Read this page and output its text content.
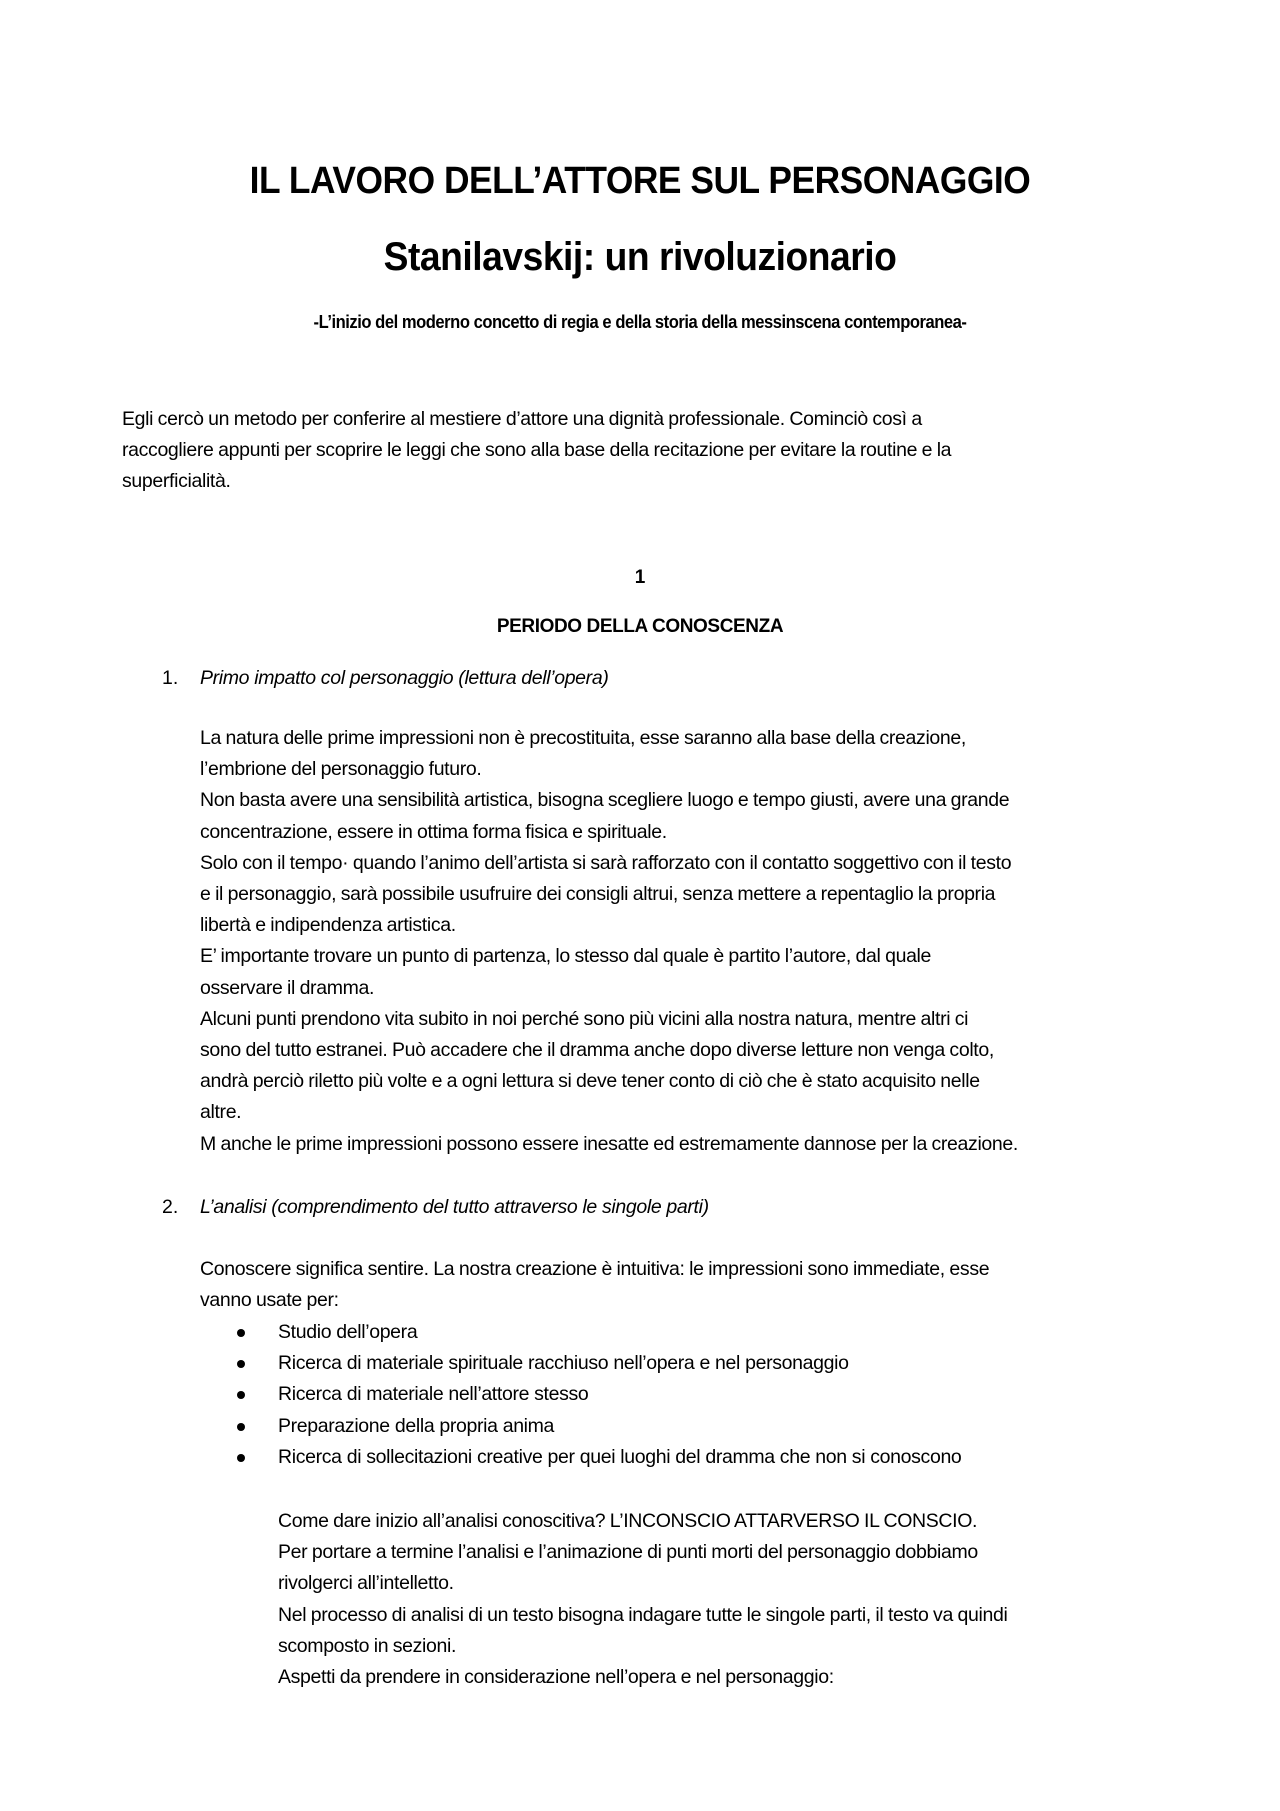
IL LAVORO DELL’ATTORE SUL PERSONAGGIO
Stanilavskij: un rivoluzionario
-L’inizio del moderno concetto di regia e della storia della messinscena contemporanea-
Egli cercò un metodo per conferire al mestiere d’attore una dignità professionale. Cominciò così a
raccogliere appunti per scoprire le leggi che sono alla base della recitazione per evitare la routine e la
superficialità.
1
PERIODO DELLA CONOSCENZA
1. Primo impatto col personaggio (lettura dell’opera)
La natura delle prime impressioni non è precostituita, esse saranno alla base della creazione,
l’embrione del personaggio futuro.
Non basta avere una sensibilità artistica, bisogna scegliere luogo e tempo giusti, avere una grande
concentrazione, essere in ottima forma fisica e spirituale.
Solo con il tempo· quando l’animo dell’artista si sarà rafforzato con il contatto soggettivo con il testo
e il personaggio, sarà possibile usufruire dei consigli altrui, senza mettere a repentaglio la propria
libertà e indipendenza artistica.
E’ importante trovare un punto di partenza, lo stesso dal quale è partito l’autore, dal quale
osservare il dramma.
Alcuni punti prendono vita subito in noi perché sono più vicini alla nostra natura, mentre altri ci
sono del tutto estranei. Può accadere che il dramma anche dopo diverse letture non venga colto,
andrà perciò riletto più volte e a ogni lettura si deve tener conto di ciò che è stato acquisito nelle
altre.
M anche le prime impressioni possono essere inesatte ed estremamente dannose per la creazione.
2. L’analisi (comprendimento del tutto attraverso le singole parti)
Conoscere significa sentire. La nostra creazione è intuitiva: le impressioni sono immediate, esse
vanno usate per:
Studio dell’opera
Ricerca di materiale spirituale racchiuso nell’opera e nel personaggio
Ricerca di materiale nell’attore stesso
Preparazione della propria anima
Ricerca di sollecitazioni creative per quei luoghi del dramma che non si conoscono
Come dare inizio all’analisi conoscitiva? L’INCONSCIO ATTARVERSO IL CONSCIO.
Per portare a termine l’analisi e l’animazione di punti morti del personaggio dobbiamo
rivolgerci all’intelletto.
Nel processo di analisi di un testo bisogna indagare tutte le singole parti, il testo va quindi
scomposto in sezioni.
Aspetti da prendere in considerazione nell’opera e nel personaggio:
